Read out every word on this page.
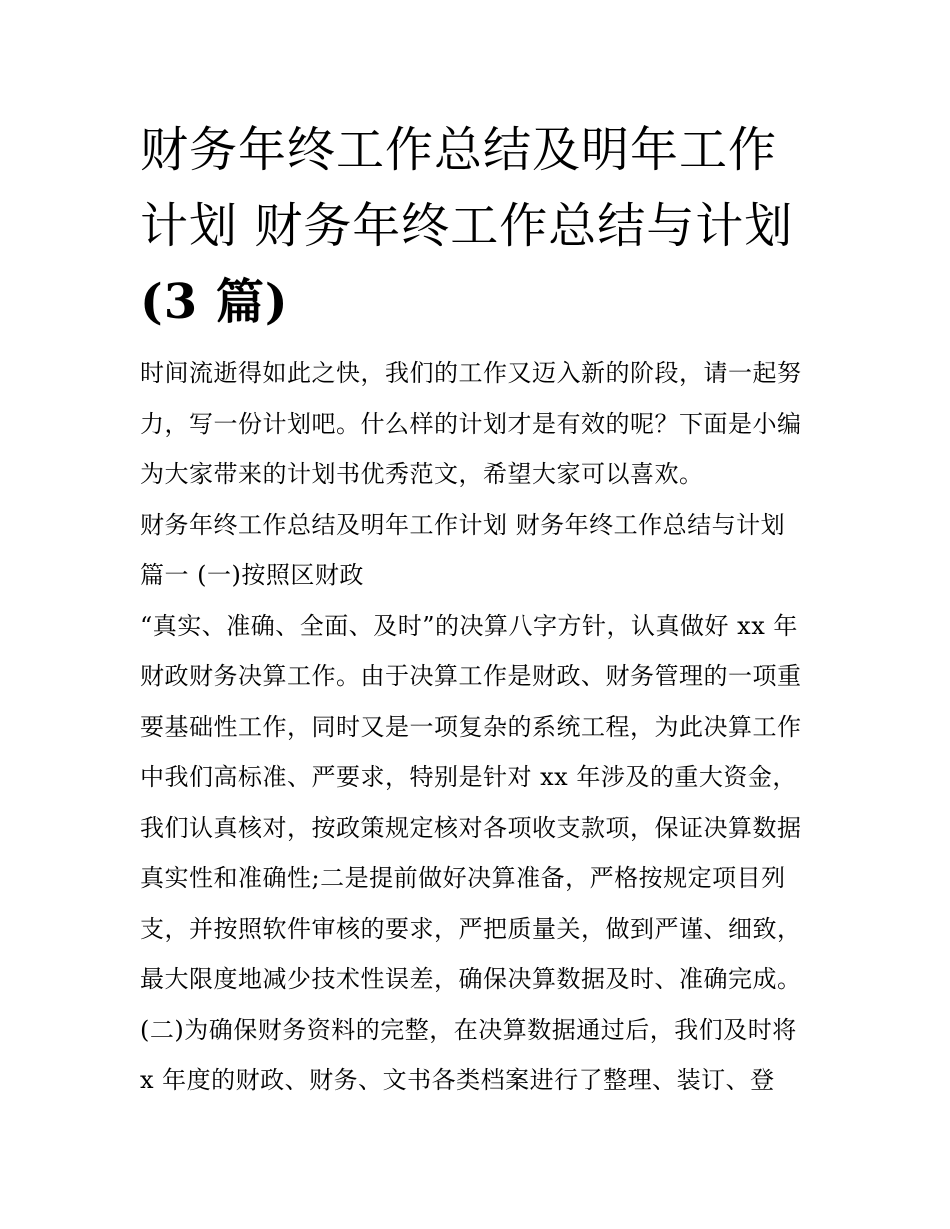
财务年终工作总结及明年工作
计划 财务年终工作总结与计划
(3 篇)

时间流逝得如此之快，我们的工作又迈入新的阶段，请一起努

力，写一份计划吧。什么样的计划才是有效的呢？下面是小编

为大家带来的计划书优秀范文，希望大家可以喜欢。

财务年终工作总结及明年工作计划 财务年终工作总结与计划

篇一 (一)按照区财政

“真实、准确、全面、及时”的决算八字方针，认真做好 xx 年

财政财务决算工作。由于决算工作是财政、财务管理的一项重

要基础性工作，同时又是一项复杂的系统工程，为此决算工作

中我们高标准、严要求，特别是针对 xx 年涉及的重大资金，

我们认真核对，按政策规定核对各项收支款项，保证决算数据

真实性和准确性;二是提前做好决算准备，严格按规定项目列

支，并按照软件审核的要求，严把质量关，做到严谨、细致，

最大限度地减少技术性误差，确保决算数据及时、准确完成。

(二)为确保财务资料的完整，在决算数据通过后，我们及时将

x 年度的财政、财务、文书各类档案进行了整理、装订、登
